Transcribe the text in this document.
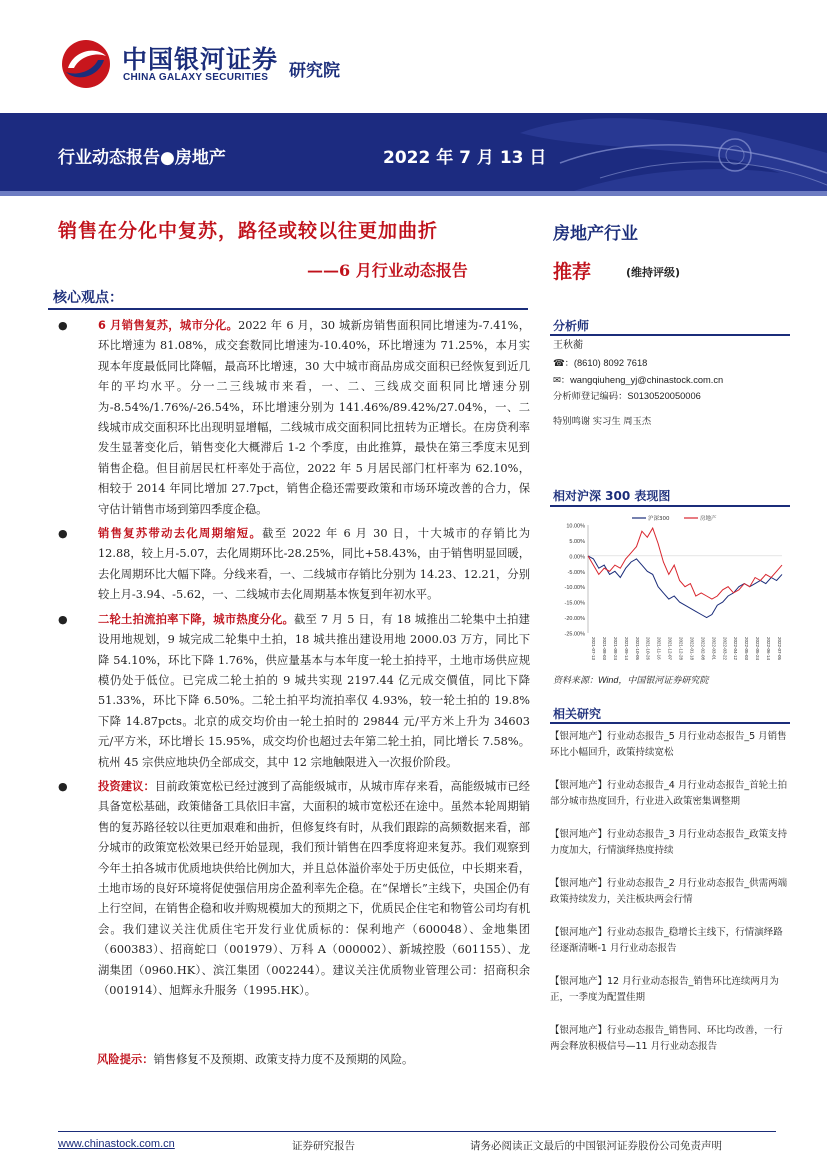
中国银河证券
CHINA GALAXY SECURITIES 研究院
行业动态报告●房地产	2022 年 7 月 13 日
销售在分化中复苏，路径或较以往更加曲折
——6 月行业动态报告
核心观点：
●	6 月销售复苏，城市分化。2022 年 6 月，30 城新房销售面积同比增速为-7.41%，环比增速为 81.08%，成交套数同比增速为-10.40%，环比增速为 71.25%，本月实现本年度最低同比降幅，最高环比增速，30 大中城市商品房成交面积已经恢复到近几年的平均水平。分一二三线城市来看，一、二、三线成交面积同比增速分别为-8.54%/1.76%/-26.54%，环比增速分别为 141.46%/89.42%/27.04%，一、二线城市成交面积环比出现明显增幅，二线城市成交面积同比扭转为正增长。在房贷利率发生显著变化后，销售变化大概滞后 1-2 个季度，由此推算，最快在第三季度末见到销售企稳。但目前居民杠杆率处于高位，2022 年 5 月居民部门杠杆率为 62.10%，相较于 2014 年同比增加 27.7pct，销售企稳还需要政策和市场环境改善的合力，保守估计销售市场到第四季度企稳。
●	销售复苏带动去化周期缩短。截至 2022 年 6 月 30 日，十大城市的存销比为 12.88，较上月-5.07，去化周期环比-28.25%，同比+58.43%，由于销售明显回暖，去化周期环比大幅下降。分线来看，一、二线城市存销比分别为 14.23、12.21，分别较上月-3.94、-5.62，一、二线城市去化周期基本恢复到年初水平。
●	二轮土拍流拍率下降，城市热度分化。截至 7 月 5 日，有 18 城推出二轮集中土拍建设用地规划，9 城完成二轮集中土拍，18 城共推出建设用地 2000.03 万方，同比下降 54.10%，环比下降 1.76%，供应量基本与本年度一轮土拍持平，土地市场供应规模仍处于低位。已完成二轮土拍的 9 城共实现 2197.44 亿元成交價值，同比下降 51.33%，环比下降 6.50%。二轮土拍平均流拍率仅 4.93%，较一轮土拍的 19.8%下降 14.87pcts。北京的成交均价由一轮土拍时的 29844 元/平方米上升为 34603 元/平方米，环比增长 15.95%，成交均价也超过去年第二轮土拍，同比增长 7.58%。杭州 45 宗供应地块仍全部成交，其中 12 宗地触限进入一次报价阶段。
●	投资建议：目前政策宽松已经过渡到了高能级城市，从城市库存来看，高能级城市已经具备宽松基础，政策储备工具依旧丰富，大面积的城市宽松还在途中。虽然本轮周期销售的复苏路径较以往更加艰难和曲折，但修复终有时，从我们跟踪的高频数据来看，部分城市的政策宽松效果已经开始显现，我们预计销售在四季度将迎来复苏。我们观察到今年土拍各城市优质地块供给比例加大，并且总体溢价率处于历史低位，中长期来看，土地市场的良好环境将促使强信用房企盈利率先企稳。在“保增长”主线下，央国企仍有上行空间，在销售企稳和收并购规模加大的预期之下，优质民企住宅和物管公司均有机会。我们建议关注优质住宅开发行业优质标的：保利地产（600048）、金地集团（600383）、招商蛇口（001979）、万科 A（000002）、新城控股（601155）、龙湖集团（0960.HK）、滨江集团（002244）。建议关注优质物业管理公司：招商积余（001914）、旭辉永升服务（1995.HK）。
风险提示：销售修复不及预期、政策支持力度不及预期的风险。
房地产行业
推荐	(维持评级)
分析师
王秋蘅
☎：(8610) 8092 7618
✉：wangqiuheng_yj@chinastock.com.cn
分析师登记编码：S0130520050006
特别鸣谢 实习生 周玉杰
相对沪深 300 表现图
10.00%
5.00%
0.00%
-5.00%
-10.00%
-15.00%
-20.00%
-25.00%
2021-07-13 2021-08-03 2021-08-24 2021-09-14 2021-10-05 2021-10-26 2021-11-16 2021-12-07 2021-12-28 2022-01-18 2022-02-08 2022-03-01 2022-03-22 2022-04-12 2022-05-03 2022-05-24 2022-06-14 2022-07-05
沪深300	房地产
资料来源：Wind，中国银河证券研究院
相关研究
【银河地产】行业动态报告_5 月行业动态报告_5 月销售环比小幅回升，政策持续宽松
【银河地产】行业动态报告_4 月行业动态报告_首轮土拍部分城市热度回升，行业进入政策密集调整期
【银河地产】行业动态报告_3 月行业动态报告_政策支持力度加大，行情演绎热度持续
【银河地产】行业动态报告_2 月行业动态报告_供需两端政策持续发力，关注板块两会行情
【银河地产】行业动态报告_稳增长主线下，行情演绎路径逐渐清晰-1 月行业动态报告
【银河地产】12 月行业动态报告_销售环比连续两月为正，一季度为配置佳期
【银河地产】行业动态报告_销售同、环比均改善，一行两会释放积极信号—11 月行业动态报告
www.chinastock.com.cn	证券研究报告	请务必阅读正文最后的中国银河证券股份公司免责声明
